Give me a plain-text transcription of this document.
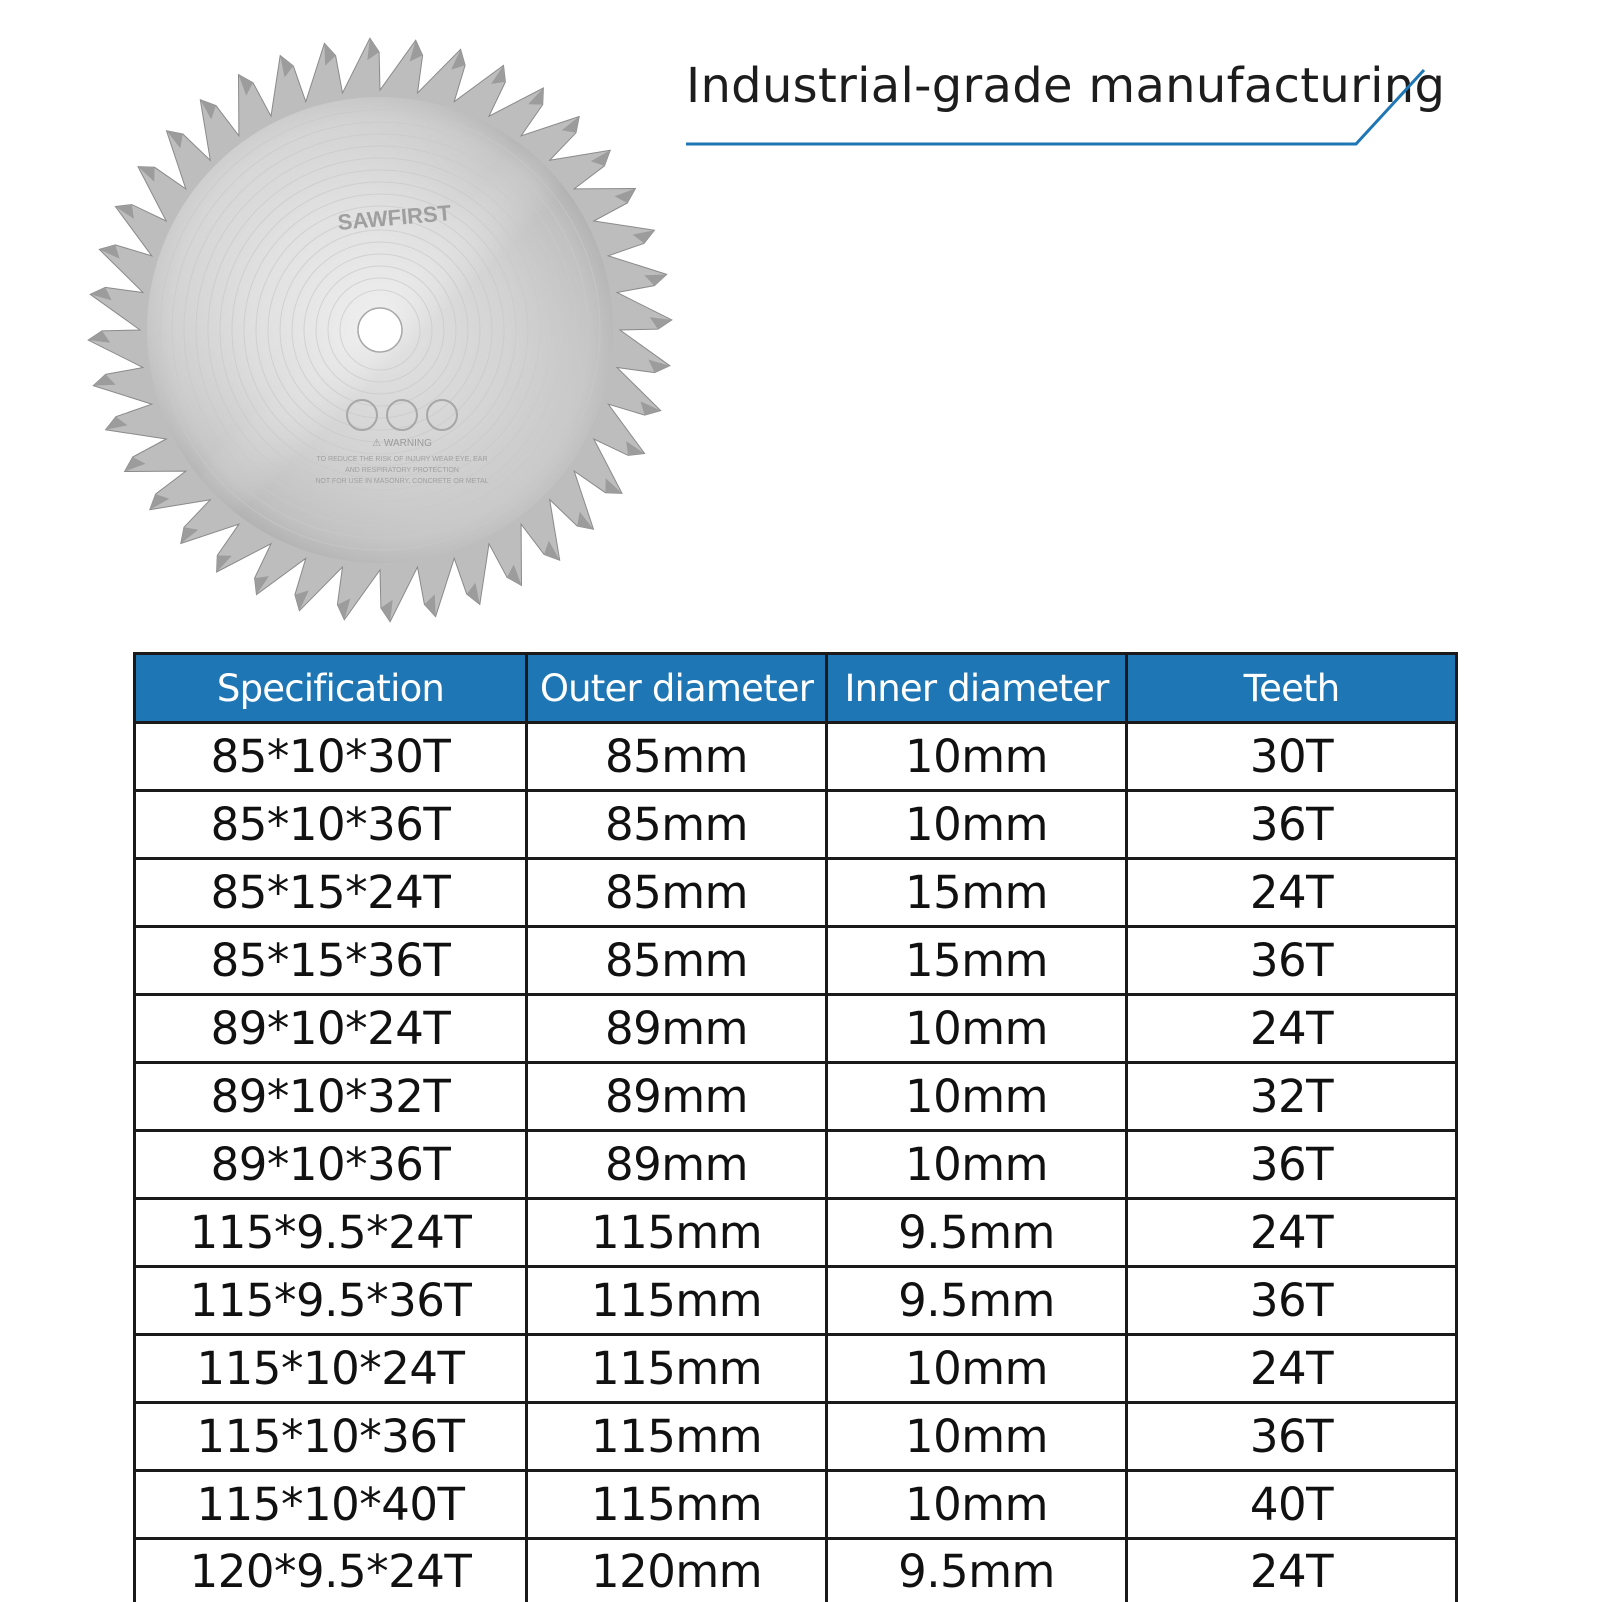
SAWFIRST
⚠ WARNING
TO REDUCE THE RISK OF INJURY WEAR EYE, EAR
AND RESPIRATORY PROTECTION
NOT FOR USE IN MASONRY, CONCRETE OR METAL
Industrial-grade manufacturing
Specification	Outer diameter	Inner diameter	Teeth
85*10*30T	85mm	10mm	30T
85*10*36T	85mm	10mm	36T
85*15*24T	85mm	15mm	24T
85*15*36T	85mm	15mm	36T
89*10*24T	89mm	10mm	24T
89*10*32T	89mm	10mm	32T
89*10*36T	89mm	10mm	36T
115*9.5*24T	115mm	9.5mm	24T
115*9.5*36T	115mm	9.5mm	36T
115*10*24T	115mm	10mm	24T
115*10*36T	115mm	10mm	36T
115*10*40T	115mm	10mm	40T
120*9.5*24T	120mm	9.5mm	24T
